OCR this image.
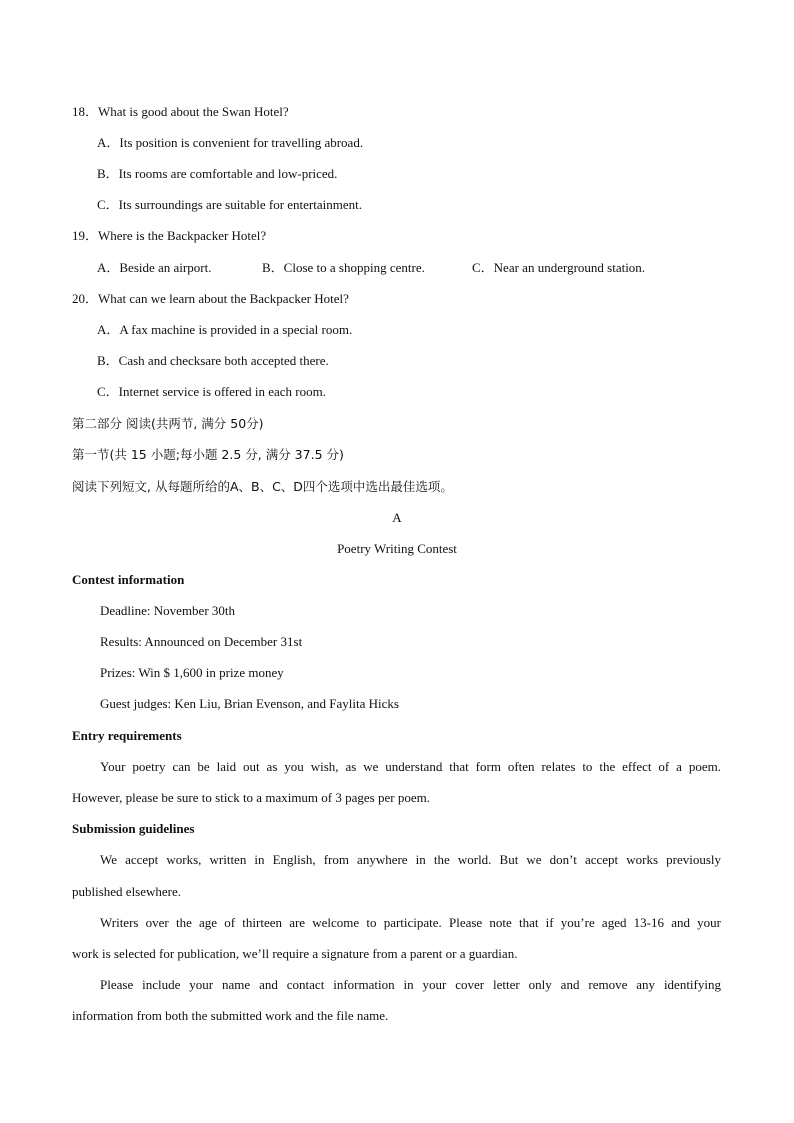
18．What is good about the Swan Hotel?
A．Its position is convenient for travelling abroad.
B．Its rooms are comfortable and low-priced.
C．Its surroundings are suitable for entertainment.
19．Where is the Backpacker Hotel?
A．Beside an airport.	B．Close to a shopping centre.	C．Near an underground station.
20．What can we learn about the Backpacker Hotel?
A．A fax machine is provided in a special room.
B．Cash and checksare both accepted there.
C．Internet service is offered in each room.
第二部分 阅读(共两节, 满分 50分)
第一节(共 15 小题;每小题 2.5 分, 满分 37.5 分)
阅读下列短文, 从每题所给的A、B、C、D四个选项中选出最佳选项。
A
Poetry Writing Contest
Contest information
Deadline: November 30th
Results: Announced on December 31st
Prizes: Win $ 1,600 in prize money
Guest judges: Ken Liu, Brian Evenson, and Faylita Hicks
Entry requirements
Your poetry can be laid out as you wish, as we understand that form often relates to the effect of a poem.
However, please be sure to stick to a maximum of 3 pages per poem.
Submission guidelines
We accept works, written in English, from anywhere in the world. But we don’t accept works previously
published elsewhere.
Writers over the age of thirteen are welcome to participate. Please note that if you’re aged 13-16 and your
work is selected for publication, we’ll require a signature from a parent or a guardian.
Please include your name and contact information in your cover letter only and remove any identifying
information from both the submitted work and the file name.
